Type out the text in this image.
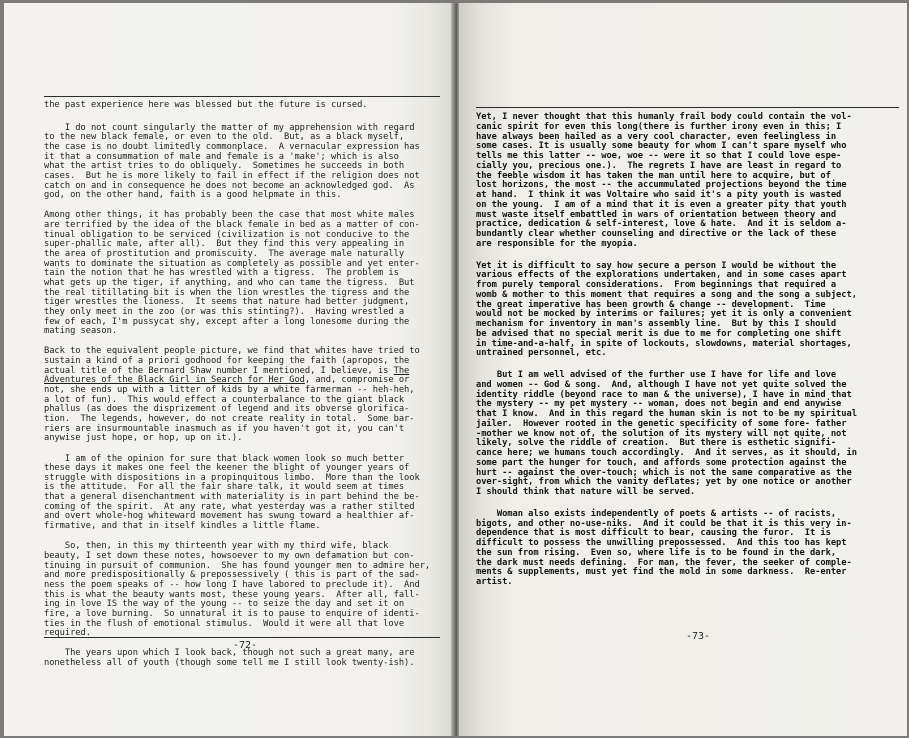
the past experience here was blessed but the future is cursed.
I do not count singularly the matter of my apprehension with regard
to the new black female, or even to the old.  But, as a black myself,
the case is no doubt limitedly commonplace.  A vernacular expression has
it that a consummation of male and female is a 'make'; which is also
what the artist tries to do obliquely.  Sometimes he succeeds in both
cases.  But he is more likely to fail in effect if the religion does not
catch on and in consequence he does not become an acknowledged god.  As
god, on the other hand, faith is a good helpmate in this.
Among other things, it has probably been the case that most white males
are terrified by the idea of the black female in bed as a matter of con-
tinual obligation to be serviced (civilization is not conducive to the
super-phallic male, after all).  But they find this very appealing in
the area of prostitution and promiscuity.  The average male naturally
wants to dominate the situation as completely as possible and yet enter-
tain the notion that he has wrestled with a tigress.  The problem is
what gets up the tiger, if anything, and who can tame the tigress.  But
the real titillating bit is when the lion wrestles the tigress and the
tiger wrestles the lioness.  It seems that nature had better judgment,
they only meet in the zoo (or was this stinting?).  Having wrestled a
few of each, I'm pussycat shy, except after a long lonesome during the
mating season.
Back to the equivalent people picture, we find that whites have tried to
sustain a kind of a priori godhood for keeping the faith (apropos, the
actual title of the Bernard Shaw number I mentioned, I believe, is The
Adventures of the Black Girl in Search for Her God, and, compromise or
not, she ends up with a litter of kids by a white farmerman -- heh-heh,
a lot of fun).  This would effect a counterbalance to the giant black
phallus (as does the disprizement of legend and its obverse glorifica-
tion.  The legends, however, do not create reality in total.  Some bar-
riers are insurmountable inasmuch as if you haven't got it, you can't
anywise just hope, or hop, up on it.).
I am of the opinion for sure that black women look so much better
these days it makes one feel the keener the blight of younger years of
struggle with dispositions in a propinquitous limbo.  More than the look
is the attitude.  For all the fair share talk, it would seem at times
that a general disenchantment with materiality is in part behind the be-
coming of the spirit.  At any rate, what yesterday was a rather stilted
and overt whole-hog whiteward movement has swung toward a healthier af-
firmative, and that in itself kindles a little flame.
So, then, in this my thirteenth year with my third wife, black
beauty, I set down these notes, howsoever to my own defamation but con-
tinuing in pursuit of communion.  She has found younger men to admire her,
and more predispositionally & prepossessively ( this is part of the sad-
ness the poem speaks of -- how long I have labored to preclude it).  And
this is what the beauty wants most, these young years.  After all, fall-
ing in love IS the way of the young -- to seize the day and set it on
fire, a love burning.  So unnatural it is to pause to enquire of identi-
ties in the flush of emotional stimulus.  Would it were all that love
required.
The years upon which I look back, though not such a great many, are
nonetheless all of youth (though some tell me I still look twenty-ish).
-72-
Yet, I never thought that this humanly frail body could contain the vol-
canic spirit for even this long(there is further irony even in this; I
have always been hailed as a very cool character, even feelingless in
some cases. It is usually some beauty for whom I can't spare myself who
tells me this latter -- woe, woe -- were it so that I could love espe-
cially you, precious one.).  The regrets I have are least in regard to
the feeble wisdom it has taken the man until here to acquire, but of
lost horizons, the most -- the accummulated projections beyond the time
at hand.  I think it was Voltaire who said it's a pity youth is wasted
on the young.  I am of a mind that it is even a greater pity that youth
must waste itself embattled in wars of orientation between theory and
practice, dedication & self-interest, love & hate.  And it is seldom a-
bundantly clear whether counseling and directive or the lack of these
are responsible for the myopia.
Yet it is difficult to say how secure a person I would be without the
various effects of the explorations undertaken, and in some cases apart
from purely temporal considerations.  From beginnings that required a
womb & mother to this moment that requires a song and the song a subject,
the great imperative has been growth & change -- development.  Time
would not be mocked by interims or failures; yet it is only a convenient
mechanism for inventory in man's assembly line.  But by this I should
be advised that no special merit is due to me for completing one shift
in time-and-a-half, in spite of lockouts, slowdowns, material shortages,
untrained personnel, etc.
But I am well advised of the further use I have for life and love
and women -- God & song.  And, although I have not yet quite solved the
identity riddle (beyond race to man & the universe), I have in mind that
the mystery -- my pet mystery -- woman, does not begin and end anywise
that I know.  And in this regard the human skin is not to be my spiritual
jailer.  However rooted in the genetic specificity of some fore- father
-mother we know not of, the solution of its mystery will not quite, not
likely, solve the riddle of creation.  But there is esthetic signifi-
cance here; we humans touch accordingly.  And it serves, as it should, in
some part the hunger for touch, and affords some protection against the
hurt -- against the over-touch; which is not the same comparative as the
over-sight, from which the vanity deflates; yet by one notice or another
I should think that nature will be served.
Woman also exists independently of poets & artists -- of racists,
bigots, and other no-use-niks.  And it could be that it is this very in-
dependence that is most difficult to bear, causing the furor.  It is
difficult to possess the unwilling prepossessed.  And this too has kept
the sun from rising.  Even so, where life is to be found in the dark,
the dark must needs defining.  For man, the fever, the seeker of comple-
ments & supplements, must yet find the mold in some darkness.  Re-enter
artist.
-73-
